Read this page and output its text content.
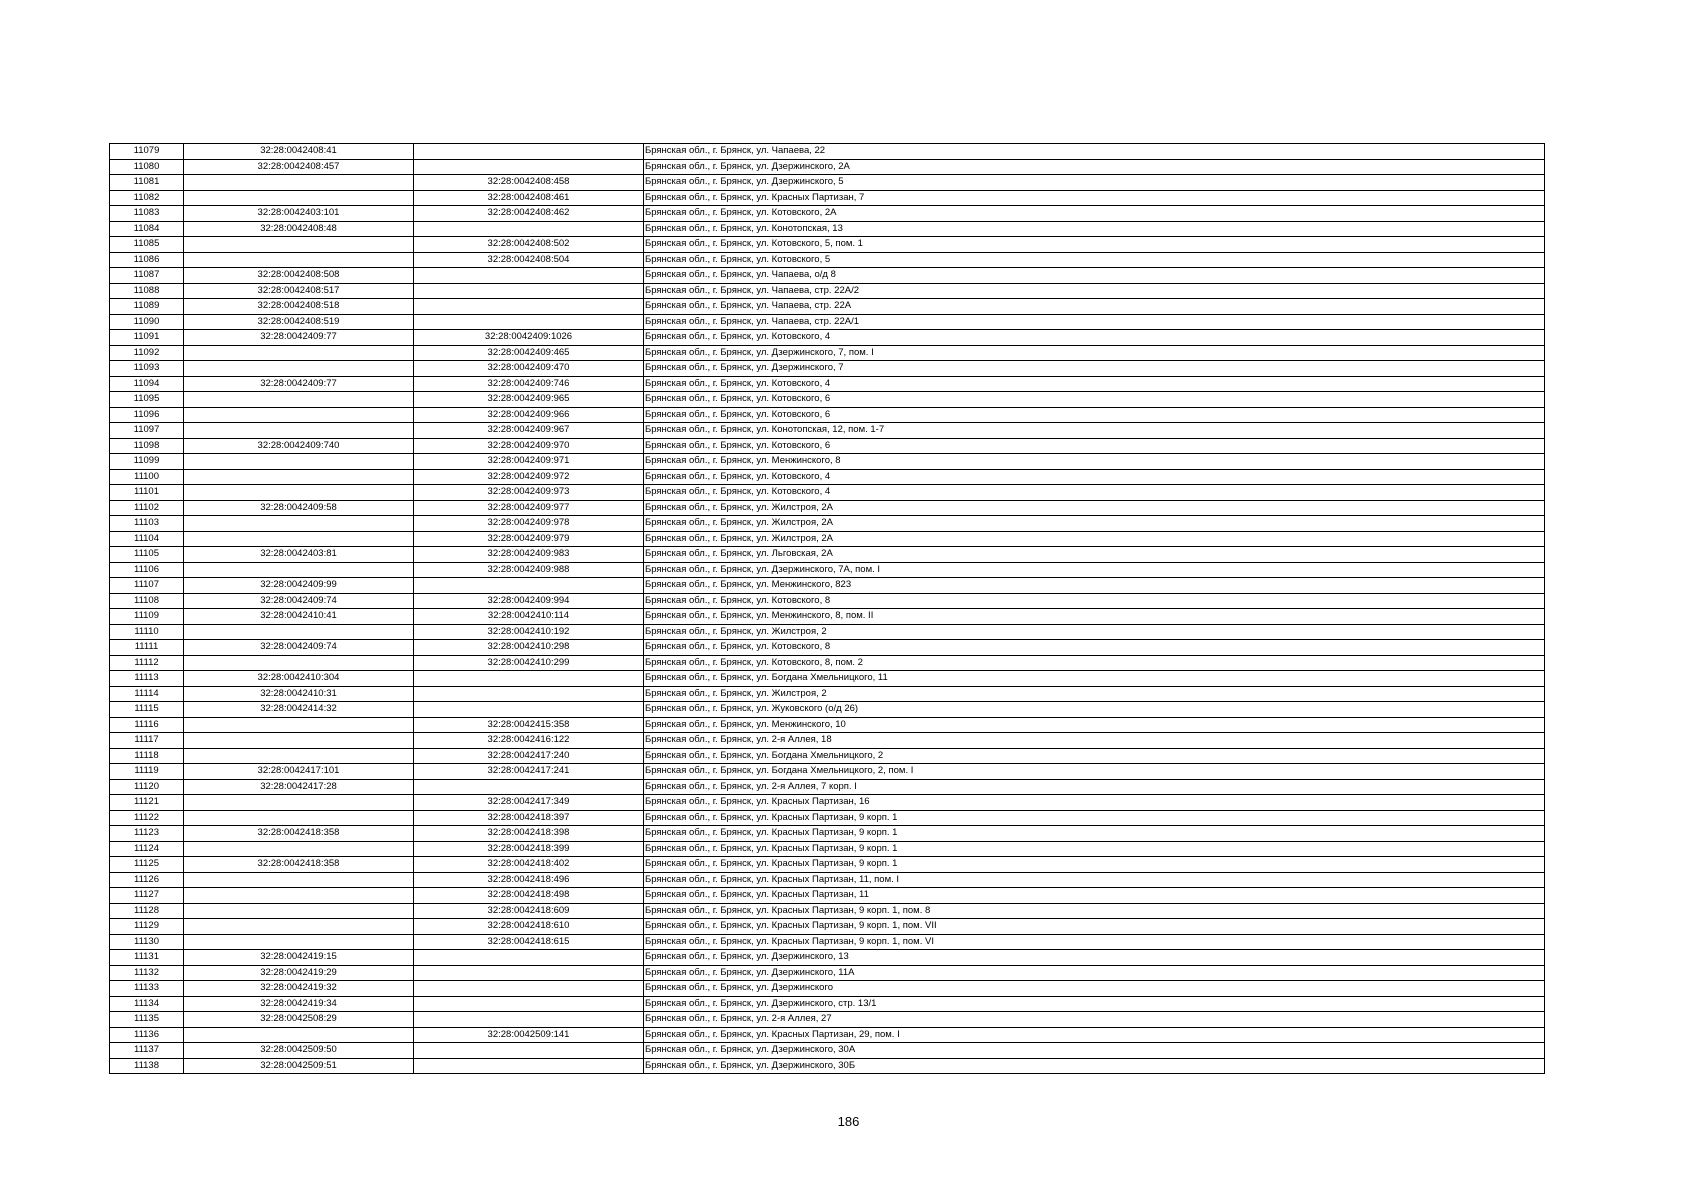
11079	32:28:0042408:41		Брянская обл., г. Брянск, ул. Чапаева, 22
11080	32:28:0042408:457		Брянская обл., г. Брянск, ул. Дзержинского, 2А
11081		32:28:0042408:458	Брянская обл., г. Брянск, ул. Дзержинского, 5
11082		32:28:0042408:461	Брянская обл., г. Брянск, ул. Красных Партизан, 7
11083	32:28:0042403:101	32:28:0042408:462	Брянская обл., г. Брянск, ул. Котовского, 2А
11084	32:28:0042408:48		Брянская обл., г. Брянск, ул. Конотопская, 13
11085		32:28:0042408:502	Брянская обл., г. Брянск, ул. Котовского, 5, пом. 1
11086		32:28:0042408:504	Брянская обл., г. Брянск, ул. Котовского, 5
11087	32:28:0042408:508		Брянская обл., г. Брянск, ул. Чапаева, о/д 8
11088	32:28:0042408:517		Брянская обл., г. Брянск, ул. Чапаева, стр. 22А/2
11089	32:28:0042408:518		Брянская обл., г. Брянск, ул. Чапаева, стр. 22А
11090	32:28:0042408:519		Брянская обл., г. Брянск, ул. Чапаева, стр. 22А/1
11091	32:28:0042409:77	32:28:0042409:1026	Брянская обл., г. Брянск, ул. Котовского, 4
11092		32:28:0042409:465	Брянская обл., г. Брянск, ул. Дзержинского, 7, пом. I
11093		32:28:0042409:470	Брянская обл., г. Брянск, ул. Дзержинского, 7
11094	32:28:0042409:77	32:28:0042409:746	Брянская обл., г. Брянск, ул. Котовского, 4
11095		32:28:0042409:965	Брянская обл., г. Брянск, ул. Котовского, 6
11096		32:28:0042409:966	Брянская обл., г. Брянск, ул. Котовского, 6
11097		32:28:0042409:967	Брянская обл., г. Брянск, ул. Конотопская, 12, пом. 1-7
11098	32:28:0042409:740	32:28:0042409:970	Брянская обл., г. Брянск, ул. Котовского, 6
11099		32:28:0042409:971	Брянская обл., г. Брянск, ул. Менжинского, 8
11100		32:28:0042409:972	Брянская обл., г. Брянск, ул. Котовского, 4
11101		32:28:0042409:973	Брянская обл., г. Брянск, ул. Котовского, 4
11102	32:28:0042409:58	32:28:0042409:977	Брянская обл., г. Брянск, ул. Жилстроя, 2А
11103		32:28:0042409:978	Брянская обл., г. Брянск, ул. Жилстроя, 2А
11104		32:28:0042409:979	Брянская обл., г. Брянск, ул. Жилстроя, 2А
11105	32:28:0042403:81	32:28:0042409:983	Брянская обл., г. Брянск, ул. Льговская, 2А
11106		32:28:0042409:988	Брянская обл., г. Брянск, ул. Дзержинского, 7А, пом. I
11107	32:28:0042409:99		Брянская обл., г. Брянск, ул. Менжинского, 823
11108	32:28:0042409:74	32:28:0042409:994	Брянская обл., г. Брянск, ул. Котовского, 8
11109	32:28:0042410:41	32:28:0042410:114	Брянская обл., г. Брянск, ул. Менжинского, 8, пом. II
11110		32:28:0042410:192	Брянская обл., г. Брянск, ул. Жилстроя, 2
11111	32:28:0042409:74	32:28:0042410:298	Брянская обл., г. Брянск, ул. Котовского, 8
11112		32:28:0042410:299	Брянская обл., г. Брянск, ул. Котовского, 8, пом. 2
11113	32:28:0042410:304		Брянская обл., г. Брянск, ул. Богдана Хмельницкого, 11
11114	32:28:0042410:31		Брянская обл., г. Брянск, ул. Жилстроя, 2
11115	32:28:0042414:32		Брянская обл., г. Брянск, ул. Жуковского (о/д 26)
11116		32:28:0042415:358	Брянская обл., г. Брянск, ул. Менжинского, 10
11117		32:28:0042416:122	Брянская обл., г. Брянск, ул. 2-я Аллея, 18
11118		32:28:0042417:240	Брянская обл., г. Брянск, ул. Богдана Хмельницкого, 2
11119	32:28:0042417:101	32:28:0042417:241	Брянская обл., г. Брянск, ул. Богдана Хмельницкого, 2, пом. I
11120	32:28:0042417:28		Брянская обл., г. Брянск, ул. 2-я Аллея, 7 корп. I
11121		32:28:0042417:349	Брянская обл., г. Брянск, ул. Красных Партизан, 16
11122		32:28:0042418:397	Брянская обл., г. Брянск, ул. Красных Партизан, 9 корп. 1
11123	32:28:0042418:358	32:28:0042418:398	Брянская обл., г. Брянск, ул. Красных Партизан, 9 корп. 1
11124		32:28:0042418:399	Брянская обл., г. Брянск, ул. Красных Партизан, 9 корп. 1
11125	32:28:0042418:358	32:28:0042418:402	Брянская обл., г. Брянск, ул. Красных Партизан, 9 корп. 1
11126		32:28:0042418:496	Брянская обл., г. Брянск, ул. Красных Партизан, 11, пом. I
11127		32:28:0042418:498	Брянская обл., г. Брянск, ул. Красных Партизан, 11
11128		32:28:0042418:609	Брянская обл., г. Брянск, ул. Красных Партизан, 9 корп. 1, пом. 8
11129		32:28:0042418:610	Брянская обл., г. Брянск, ул. Красных Партизан, 9 корп. 1, пом. VII
11130		32:28:0042418:615	Брянская обл., г. Брянск, ул. Красных Партизан, 9 корп. 1, пом. VI
11131	32:28:0042419:15		Брянская обл., г. Брянск, ул. Дзержинского, 13
11132	32:28:0042419:29		Брянская обл., г. Брянск, ул. Дзержинского, 11А
11133	32:28:0042419:32		Брянская обл., г. Брянск, ул. Дзержинского
11134	32:28:0042419:34		Брянская обл., г. Брянск, ул. Дзержинского, стр. 13/1
11135	32:28:0042508:29		Брянская обл., г. Брянск, ул. 2-я Аллея, 27
11136		32:28:0042509:141	Брянская обл., г. Брянск, ул. Красных Партизан, 29, пом. I
11137	32:28:0042509:50		Брянская обл., г. Брянск, ул. Дзержинского, 30А
11138	32:28:0042509:51		Брянская обл., г. Брянск, ул. Дзержинского, 30Б
186
